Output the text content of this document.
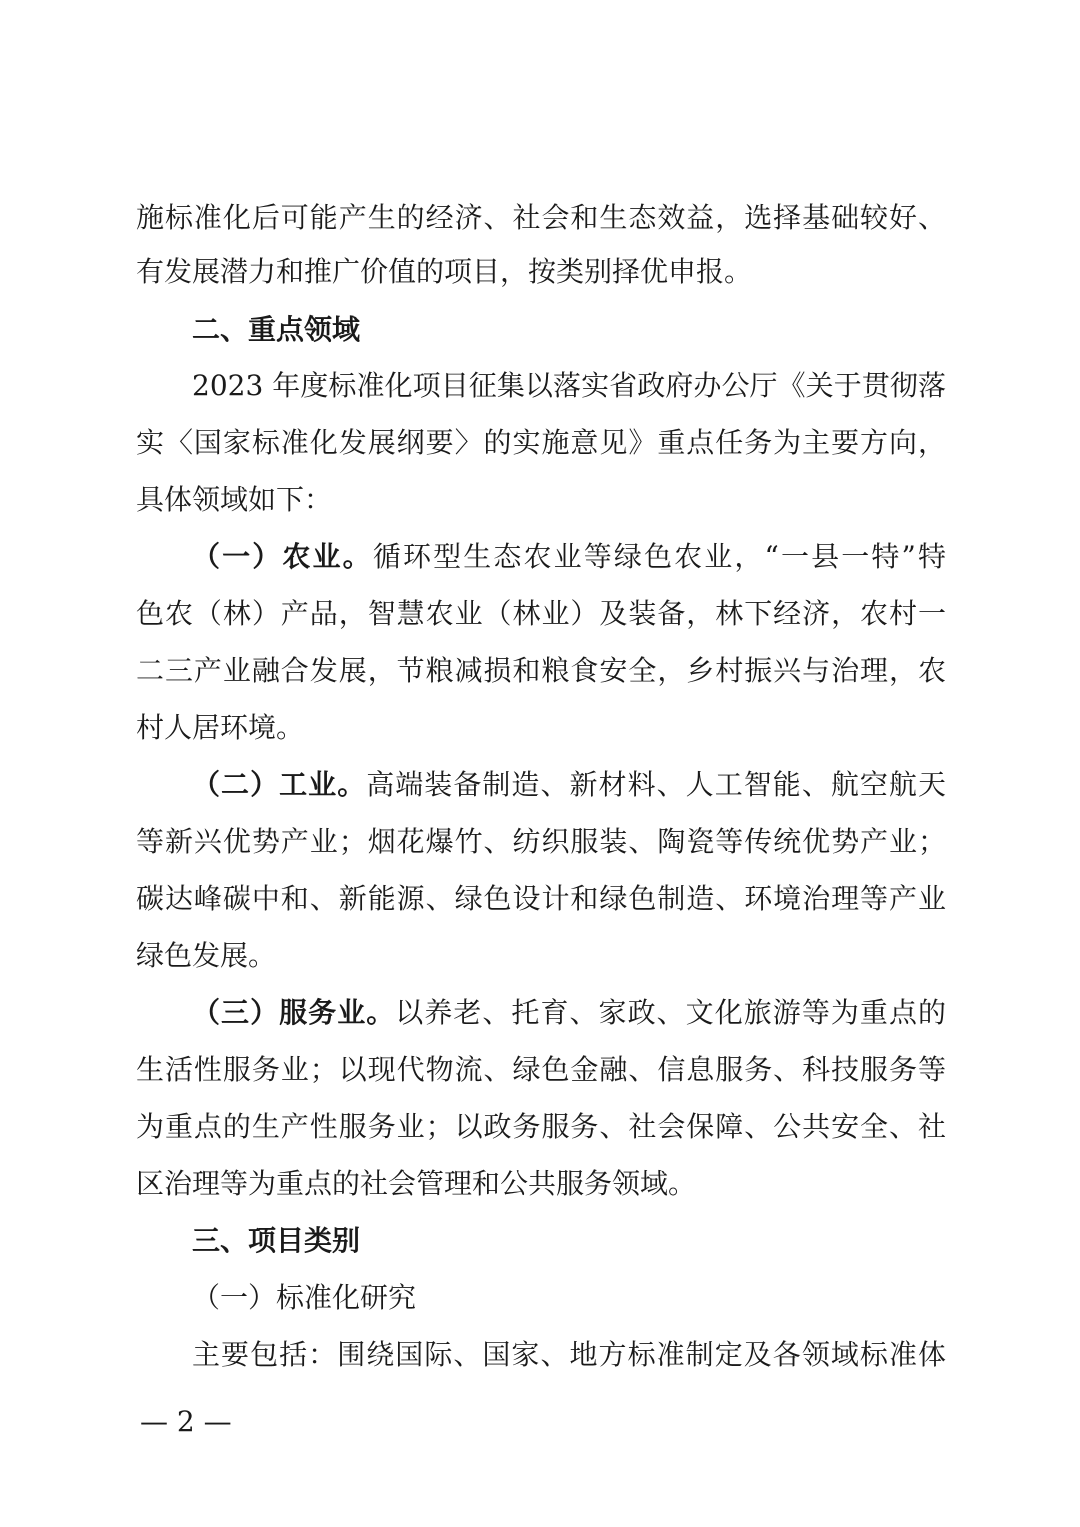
施标准化后可能产生的经济、社会和生态效益，选择基础较好、
有发展潜力和推广价值的项目，按类别择优申报。
二、重点领域
2023 年度标准化项目征集以落实省政府办公厅《关于贯彻落
实〈国家标准化发展纲要〉的实施意见》重点任务为主要方向，
具体领域如下：
（一）农业。循环型生态农业等绿色农业，“一县一特”特
色农（林）产品，智慧农业（林业）及装备，林下经济，农村一
二三产业融合发展，节粮减损和粮食安全，乡村振兴与治理，农
村人居环境。
（二）工业。高端装备制造、新材料、人工智能、航空航天
等新兴优势产业；烟花爆竹、纺织服装、陶瓷等传统优势产业；
碳达峰碳中和、新能源、绿色设计和绿色制造、环境治理等产业
绿色发展。
（三）服务业。以养老、托育、家政、文化旅游等为重点的
生活性服务业；以现代物流、绿色金融、信息服务、科技服务等
为重点的生产性服务业；以政务服务、社会保障、公共安全、社
区治理等为重点的社会管理和公共服务领域。
三、项目类别
（一）标准化研究
主要包括：围绕国际、国家、地方标准制定及各领域标准体
— 2 —
